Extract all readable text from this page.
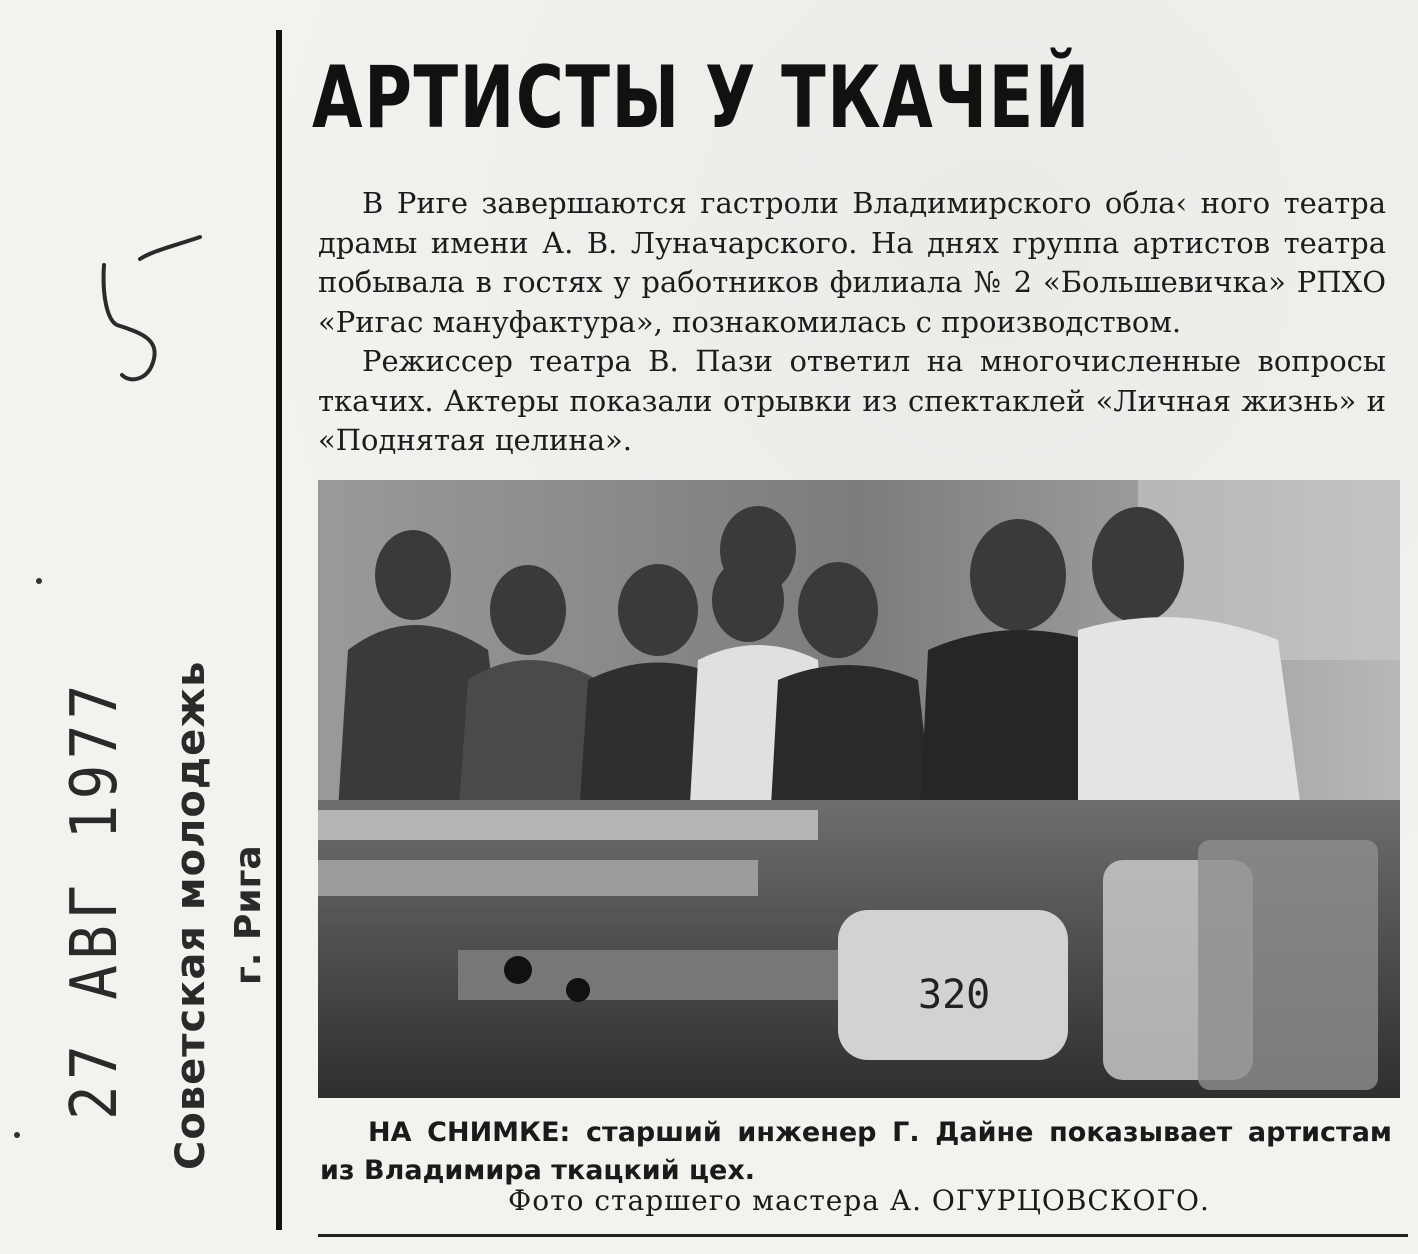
27 АВГ 1977 Советская молодежь г. Рига
АРТИСТЫ У ТКАЧЕЙ

В Риге завершаются гастроли Владимирского обла‹ ного театра драмы имени А. В. Луначарского. На днях группа артистов театра побывала в гостях у работников филиала № 2 «Большевичка» РПХО «Ригас мануфактура», познакомилась с производством.

Режиссер театра В. Пази ответил на многочисленные вопросы ткачих. Актеры показали отрывки из спектаклей «Личная жизнь» и «Поднятая целина».

320
НА СНИМКЕ: старший инженер Г. Дайне показывает артистам из Владимира ткацкий цех.
Фото старшего мастера А. ОГУРЦОВСКОГО.
